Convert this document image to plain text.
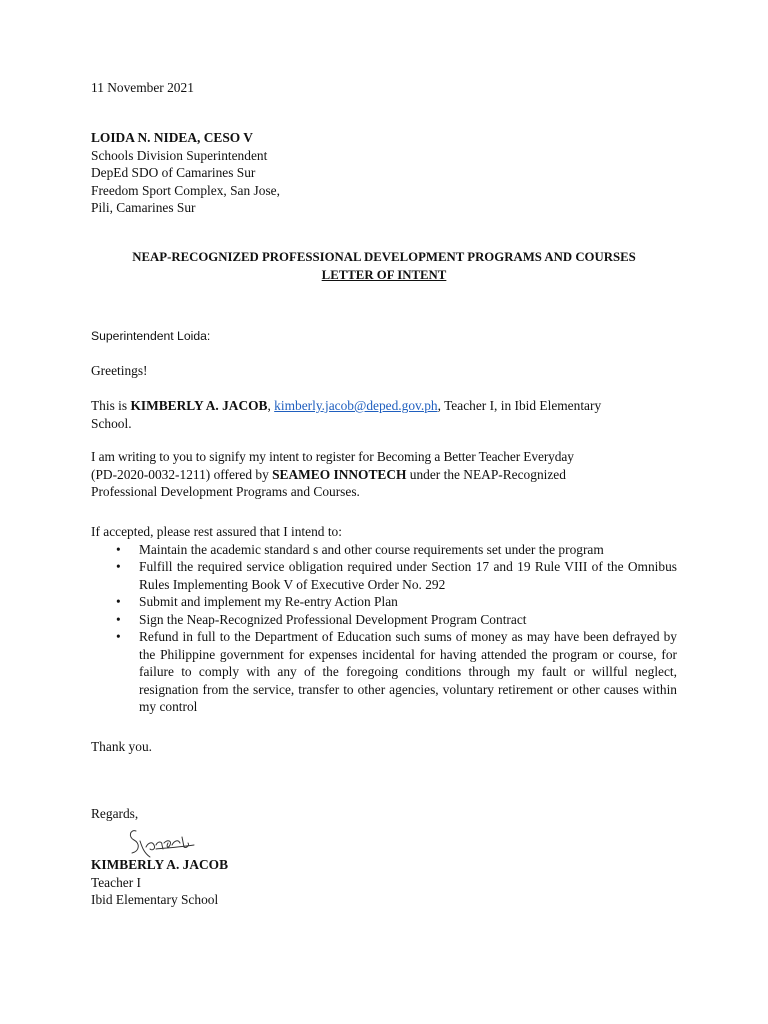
11 November 2021
LOIDA N. NIDEA, CESO V
Schools Division Superintendent
DepEd SDO of Camarines Sur
Freedom Sport Complex, San Jose,
Pili, Camarines Sur
NEAP-RECOGNIZED PROFESSIONAL DEVELOPMENT PROGRAMS AND COURSES
LETTER OF INTENT
Superintendent Loida:
Greetings!
This is KIMBERLY A. JACOB, kimberly.jacob@deped.gov.ph, Teacher I, in Ibid Elementary
School.
I am writing to you to signify my intent to register for Becoming a Better Teacher Everyday
(PD-2020-0032-1211) offered by SEAMEO INNOTECH under the NEAP-Recognized
Professional Development Programs and Courses.
If accepted, please rest assured that I intend to:
• Maintain the academic standard s and other course requirements set under the program
• Fulfill the required service obligation required under Section 17 and 19 Rule VIII of the Omnibus Rules Implementing Book V of Executive Order No. 292
• Submit and implement my Re-entry Action Plan
• Sign the Neap-Recognized Professional Development Program Contract
• Refund in full to the Department of Education such sums of money as may have been defrayed by the Philippine government for expenses incidental for having attended the program or course, for failure to comply with any of the foregoing conditions through my fault or willful neglect, resignation from the service, transfer to other agencies, voluntary retirement or other causes within my control
Thank you.
Regards,
KIMBERLY A. JACOB
Teacher I
Ibid Elementary School
